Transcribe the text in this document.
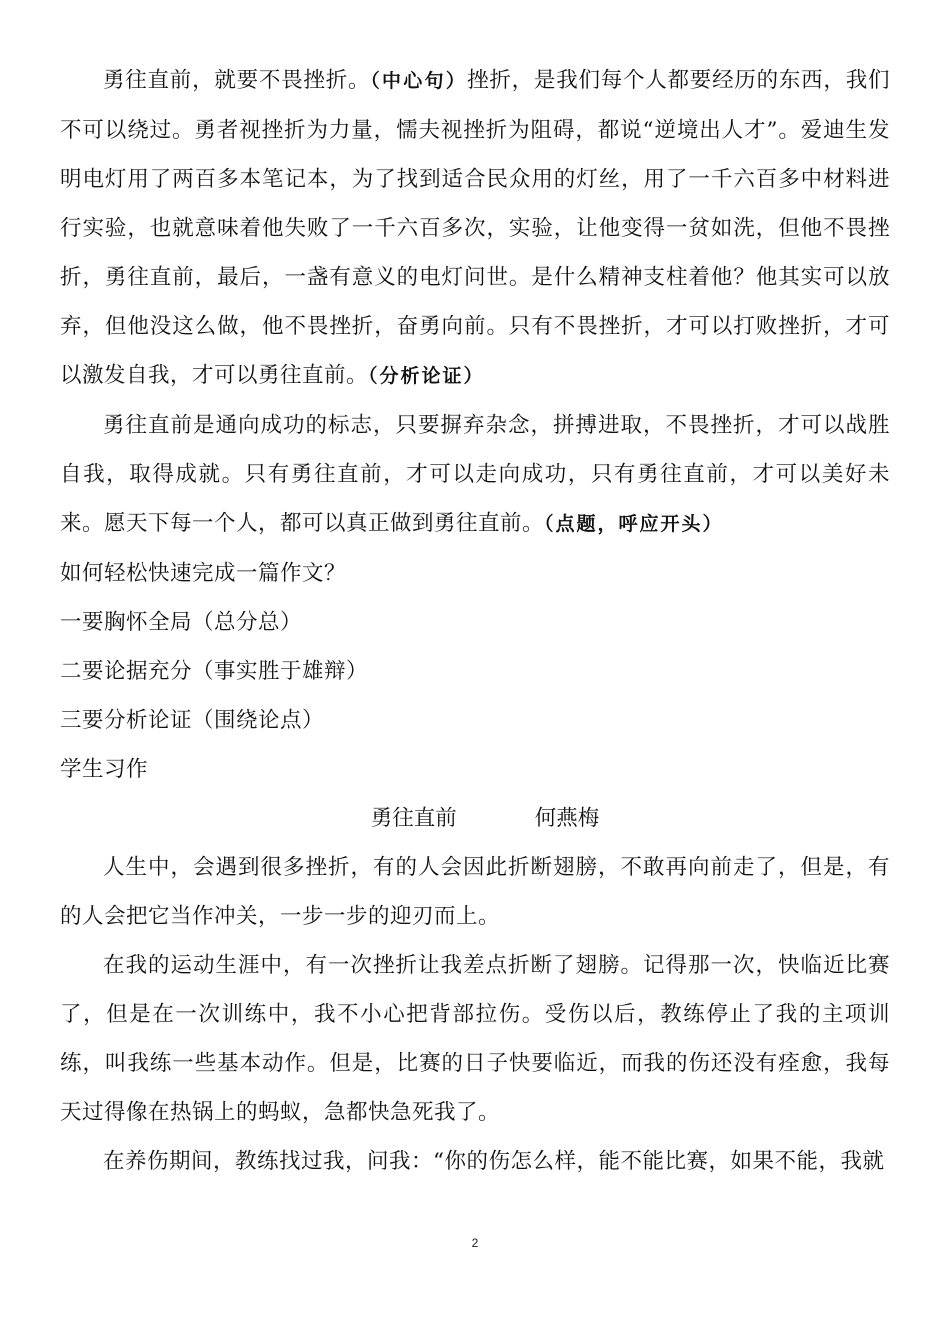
勇往直前，就要不畏挫折。（中心句）挫折，是我们每个人都要经历的东西，我们不可以绕过。勇者视挫折为力量，懦夫视挫折为阻碍，都说“逆境出人才”。爱迪生发明电灯用了两百多本笔记本，为了找到适合民众用的灯丝，用了一千六百多中材料进行实验，也就意味着他失败了一千六百多次，实验，让他变得一贫如洗，但他不畏挫折，勇往直前，最后，一盏有意义的电灯问世。是什么精神支柱着他？他其实可以放弃，但他没这么做，他不畏挫折，奋勇向前。只有不畏挫折，才可以打败挫折，才可以激发自我，才可以勇往直前。（分析论证）

勇往直前是通向成功的标志，只要摒弃杂念，拼搏进取，不畏挫折，才可以战胜自我，取得成就。只有勇往直前，才可以走向成功，只有勇往直前，才可以美好未来。愿天下每一个人，都可以真正做到勇往直前。（点题，呼应开头）

如何轻松快速完成一篇作文？

一要胸怀全局（总分总）

二要论据充分（事实胜于雄辩）

三要分析论证（围绕论点）

学生习作

勇往直前	何燕梅

人生中，会遇到很多挫折，有的人会因此折断翅膀，不敢再向前走了，但是，有的人会把它当作冲关，一步一步的迎刃而上。

在我的运动生涯中，有一次挫折让我差点折断了翅膀。记得那一次，快临近比赛了，但是在一次训练中，我不小心把背部拉伤。受伤以后，教练停止了我的主项训练，叫我练一些基本动作。但是，比赛的日子快要临近，而我的伤还没有痊愈，我每天过得像在热锅上的蚂蚁，急都快急死我了。

在养伤期间，教练找过我，问我：“你的伤怎么样，能不能比赛，如果不能，我就

2
